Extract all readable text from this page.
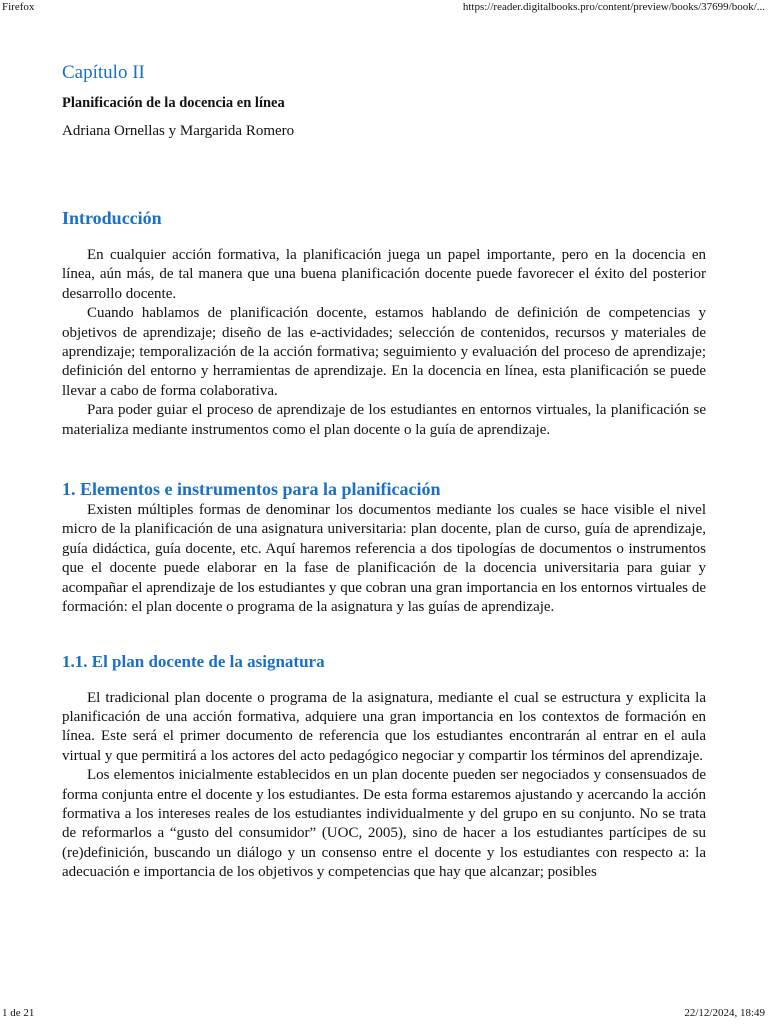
Firefox	https://reader.digitalbooks.pro/content/preview/books/37699/book/...
Capítulo II
Planificación de la docencia en línea
Adriana Ornellas y Margarida Romero
Introducción

En cualquier acción formativa, la planificación juega un papel importante, pero en la docencia en línea, aún más, de tal manera que una buena planificación docente puede favorecer el éxito del posterior desarrollo docente.

Cuando hablamos de planificación docente, estamos hablando de definición de competencias y objetivos de aprendizaje; diseño de las e-actividades; selección de contenidos, recursos y materiales de aprendizaje; temporalización de la acción formativa; seguimiento y evaluación del proceso de aprendizaje; definición del entorno y herramientas de aprendizaje. En la docencia en línea, esta planificación se puede llevar a cabo de forma colaborativa.

Para poder guiar el proceso de aprendizaje de los estudiantes en entornos virtuales, la planificación se materializa mediante instrumentos como el plan docente o la guía de aprendizaje.

1. Elementos e instrumentos para la planificación

Existen múltiples formas de denominar los documentos mediante los cuales se hace visible el nivel micro de la planificación de una asignatura universitaria: plan docente, plan de curso, guía de aprendizaje, guía didáctica, guía docente, etc. Aquí haremos referencia a dos tipologías de documentos o instrumentos que el docente puede elaborar en la fase de planificación de la docencia universitaria para guiar y acompañar el aprendizaje de los estudiantes y que cobran una gran importancia en los entornos virtuales de formación: el plan docente o programa de la asignatura y las guías de aprendizaje.

1.1. El plan docente de la asignatura

El tradicional plan docente o programa de la asignatura, mediante el cual se estructura y explicita la planificación de una acción formativa, adquiere una gran importancia en los contextos de formación en línea. Este será el primer documento de referencia que los estudiantes encontrarán al entrar en el aula virtual y que permitirá a los actores del acto pedagógico negociar y compartir los términos del aprendizaje.

Los elementos inicialmente establecidos en un plan docente pueden ser negociados y consensuados de forma conjunta entre el docente y los estudiantes. De esta forma estaremos ajustando y acercando la acción formativa a los intereses reales de los estudiantes individualmente y del grupo en su conjunto. No se trata de reformarlos a “gusto del consumidor” (UOC, 2005), sino de hacer a los estudiantes partícipes de su (re)definición, buscando un diálogo y un consenso entre el docente y los estudiantes con respecto a: la adecuación e importancia de los objetivos y competencias que hay que alcanzar; posibles

1 de 21	22/12/2024, 18:49
